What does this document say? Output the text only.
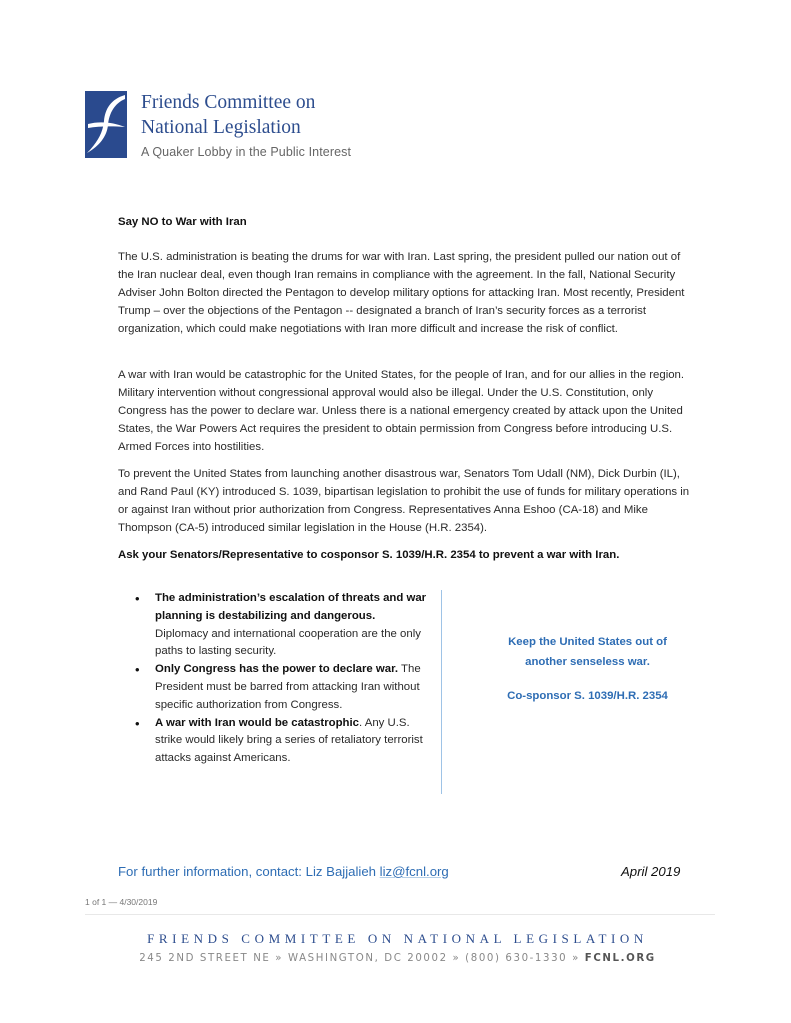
Friends Committee on
National Legislation
A Quaker Lobby in the Public Interest
Say NO to War with Iran
The U.S. administration is beating the drums for war with Iran. Last spring, the president pulled our nation out of the Iran nuclear deal, even though Iran remains in compliance with the agreement. In the fall, National Security Adviser John Bolton directed the Pentagon to develop military options for attacking Iran. Most recently, President Trump – over the objections of the Pentagon -- designated a branch of Iran’s security forces as a terrorist organization, which could make negotiations with Iran more difficult and increase the risk of conflict.
A war with Iran would be catastrophic for the United States, for the people of Iran, and for our allies in the region. Military intervention without congressional approval would also be illegal. Under the U.S. Constitution, only Congress has the power to declare war. Unless there is a national emergency created by attack upon the United States, the War Powers Act requires the president to obtain permission from Congress before introducing U.S. Armed Forces into hostilities.
To prevent the United States from launching another disastrous war, Senators Tom Udall (NM), Dick Durbin (IL), and Rand Paul (KY) introduced S. 1039, bipartisan legislation to prohibit the use of funds for military operations in or against Iran without prior authorization from Congress. Representatives Anna Eshoo (CA-18) and Mike Thompson (CA-5) introduced similar legislation in the House (H.R. 2354).
Ask your Senators/Representative to cosponsor S. 1039/H.R. 2354 to prevent a war with Iran.
• The administration’s escalation of threats and war planning is destabilizing and dangerous. Diplomacy and international cooperation are the only paths to lasting security.
• Only Congress has the power to declare war. The President must be barred from attacking Iran without specific authorization from Congress.
• A war with Iran would be catastrophic. Any U.S. strike would likely bring a series of retaliatory terrorist attacks against Americans.
Keep the United States out of
another senseless war.
Co-sponsor S. 1039/H.R. 2354
For further information, contact: Liz Bajjalieh liz@fcnl.org	April 2019
1 of 1 — 4/30/2019
FRIENDS COMMITTEE ON NATIONAL LEGISLATION
245 2ND STREET NE » WASHINGTON, DC 20002 » (800) 630-1330 » FCNL.ORG
